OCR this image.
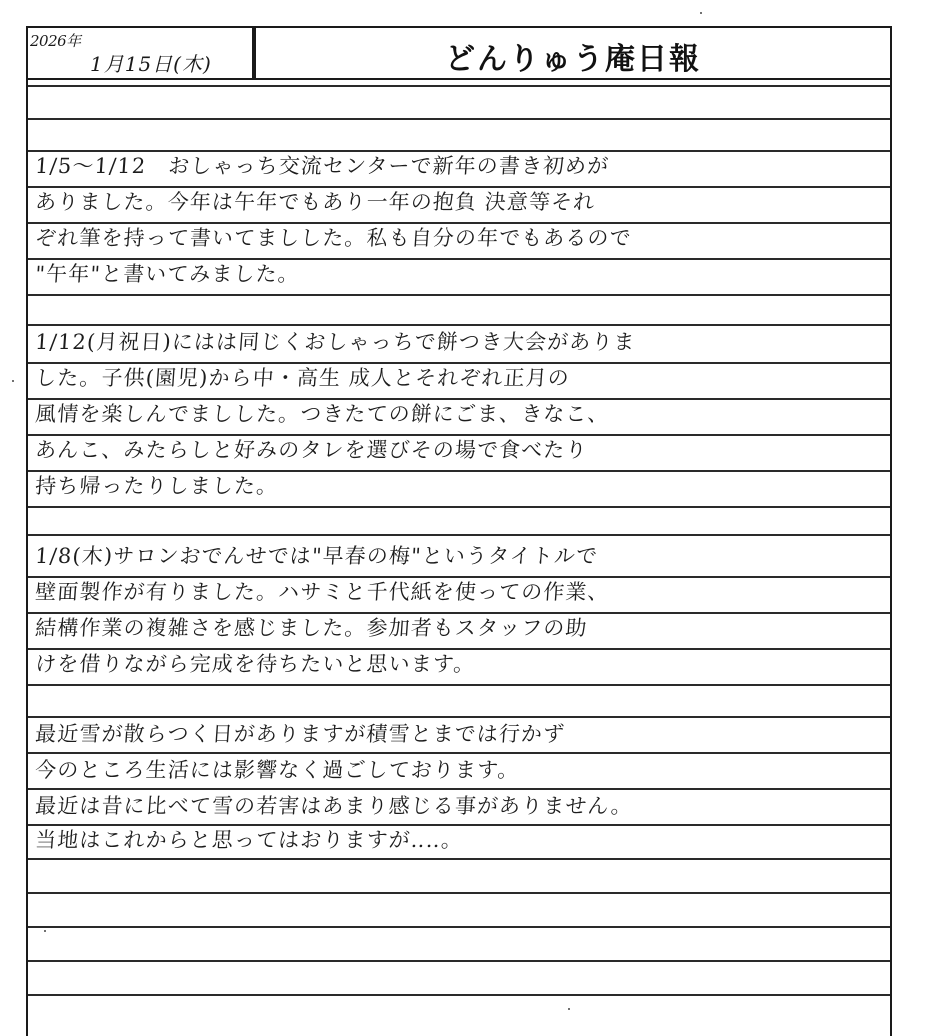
2026年
1月15日(木)	どんりゅう庵日報
1/5〜1/12　おしゃっち交流センターで新年の書き初めが
ありました。今年は午年でもあり一年の抱負 決意等それ
ぞれ筆を持って書いてましした。私も自分の年でもあるので
"午年"と書いてみました。
1/12(月祝日)にはは同じくおしゃっちで餅つき大会がありま
した。子供(園児)から中・高生 成人とそれぞれ正月の
風情を楽しんでましした。つきたての餅にごま、きなこ、
あんこ、みたらしと好みのタレを選びその場で食べたり
持ち帰ったりしました。
1/8(木)サロンおでんせでは"早春の梅"というタイトルで
壁面製作が有りました。ハサミと千代紙を使っての作業、
結構作業の複雑さを感じました。参加者もスタッフの助
けを借りながら完成を待ちたいと思います。
最近雪が散らつく日がありますが積雪とまでは行かず
今のところ生活には影響なく過ごしております。
最近は昔に比べて雪の若害はあまり感じる事がありません。
当地はこれからと思ってはおりますが‥‥。
